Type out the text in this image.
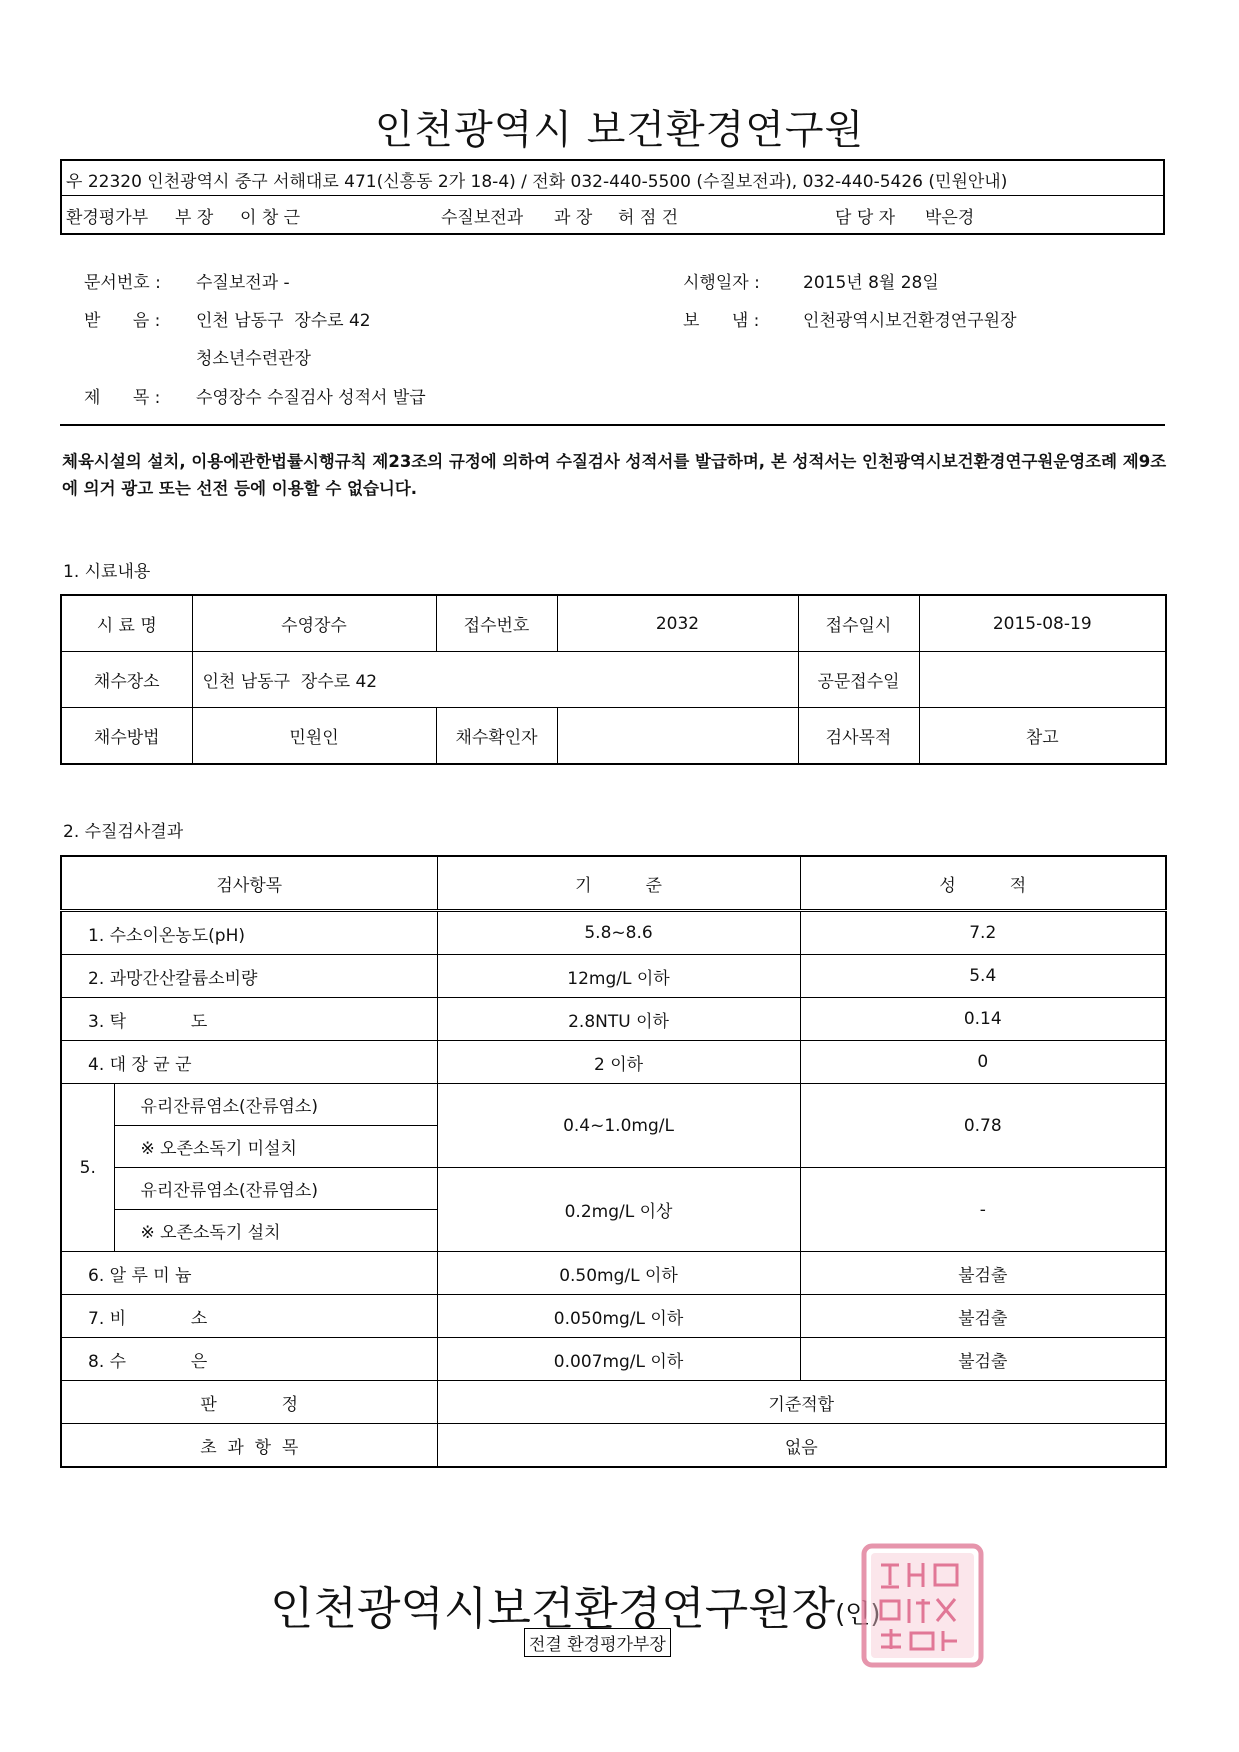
인천광역시 보건환경연구원
우 22320 인천광역시 중구 서해대로 471(신흥동 2가 18-4) / 전화 032-440-5500 (수질보전과), 032-440-5426 (민원안내)
환경평가부 부 장 이 창 근	수질보전과 과 장 허 점 건	담 당 자 박은경
문서번호 : 수질보전과 -	시행일자 :	2015년 8월 28일
받      음 : 인천 남동구  장수로 42	보      냄 :	인천광역시보건환경연구원장
청소년수련관장
제      목 : 수영장수 수질검사 성적서 발급
체육시설의 설치, 이용에관한법률시행규칙 제23조의 규정에 의하여 수질검사 성적서를 발급하며, 본 성적서는 인천광역시보건환경연구원운영조례 제9조에 의거 광고 또는 선전 등에 이용할 수 없습니다.
1. 시료내용
시 료 명	수영장수	접수번호	2032	접수일시	2015-08-19
채수장소	인천 남동구  장수로 42			공문접수일	
채수방법	민원인	채수확인자		검사목적	참고
2. 수질검사결과
검사항목		기          준	성          적
1. 수소이온농도(pH)		5.8~8.6	7.2
2. 과망간산칼륨소비량		12mg/L 이하	5.4
3. 탁            도		2.8NTU 이하	0.14
4. 대 장 균 군		2 이하	0
5.	유리잔류염소(잔류염소)	0.4~1.0mg/L	0.78
	※ 오존소독기 미설치		
	유리잔류염소(잔류염소)	0.2mg/L 이상	-
	※ 오존소독기 설치		
6. 알 루 미 늄		0.50mg/L 이하	불검출
7. 비            소		0.050mg/L 이하	불검출
8. 수            은		0.007mg/L 이하	불검출
판            정		기준적합	
초  과  항  목		없음	
인천광역시보건환경연구원장(인)
전결 환경평가부장
